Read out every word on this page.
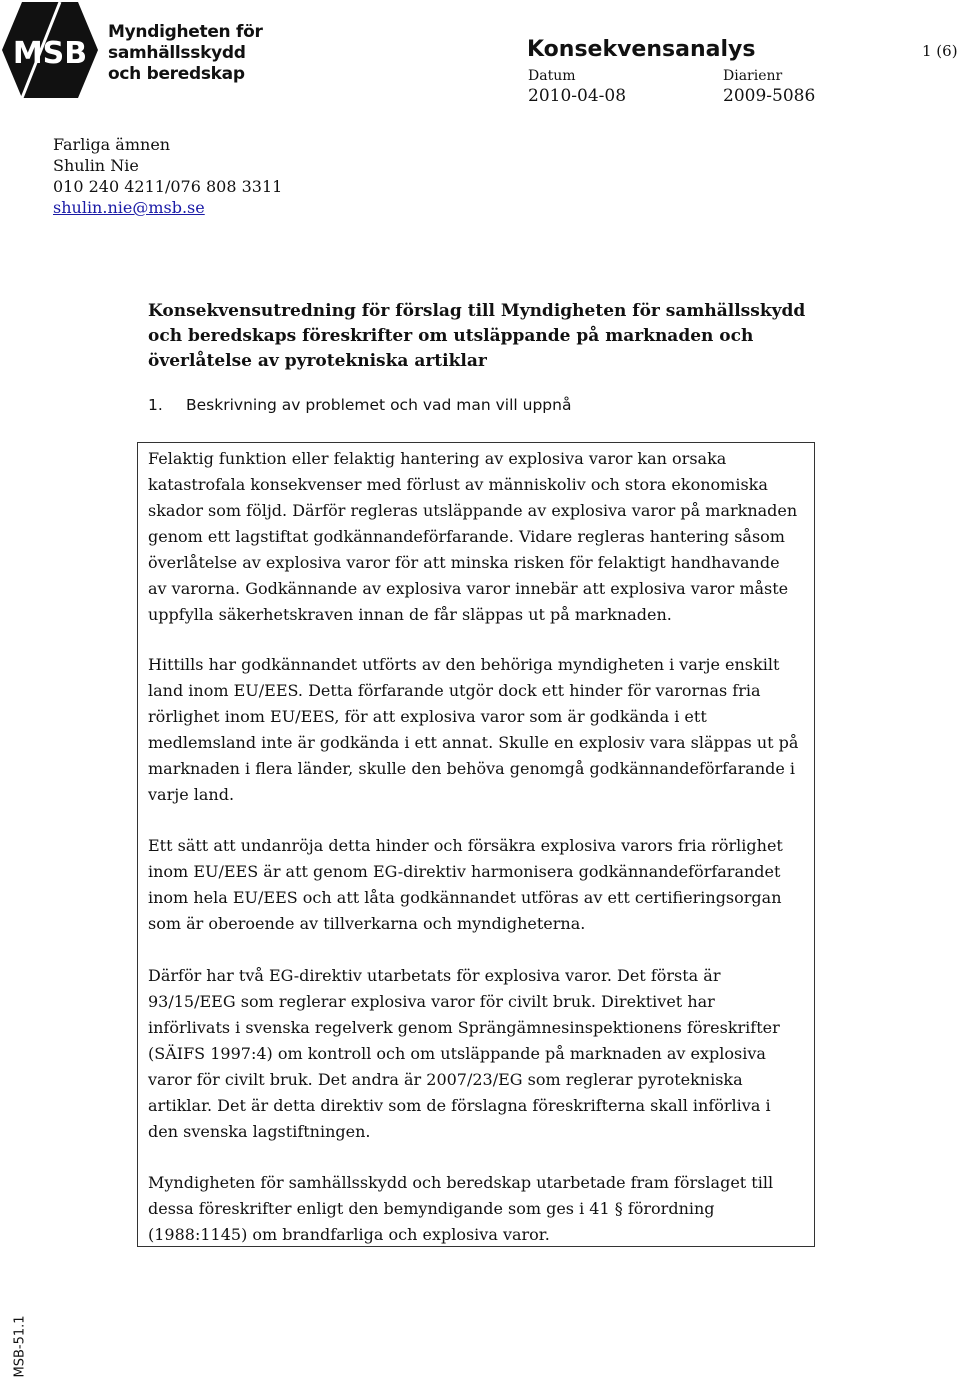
MSB
Myndigheten för
samhällsskydd
och beredskap
Konsekvensanalys	1 (6)
Datum
2010-04-08
Diarienr
2009-5086
Farliga ämnen
Shulin Nie
010 240 4211/076 808 3311
shulin.nie@msb.se
Konsekvensutredning för förslag till Myndigheten för samhällsskydd
och beredskaps föreskrifter om utsläppande på marknaden och
överlåtelse av pyrotekniska artiklar
1. Beskrivning av problemet och vad man vill uppnå
Felaktig funktion eller felaktig hantering av explosiva varor kan orsaka
katastrofala konsekvenser med förlust av människoliv och stora ekonomiska
skador som följd. Därför regleras utsläppande av explosiva varor på marknaden
genom ett lagstiftat godkännandeförfarande. Vidare regleras hantering såsom
överlåtelse av explosiva varor för att minska risken för felaktigt handhavande
av varorna. Godkännande av explosiva varor innebär att explosiva varor måste
uppfylla säkerhetskraven innan de får släppas ut på marknaden.
Hittills har godkännandet utförts av den behöriga myndigheten i varje enskilt
land inom EU/EES. Detta förfarande utgör dock ett hinder för varornas fria
rörlighet inom EU/EES, för att explosiva varor som är godkända i ett
medlemsland inte är godkända i ett annat. Skulle en explosiv vara släppas ut på
marknaden i flera länder, skulle den behöva genomgå godkännandeförfarande i
varje land.
Ett sätt att undanröja detta hinder och försäkra explosiva varors fria rörlighet
inom EU/EES är att genom EG-direktiv harmonisera godkännandeförfarandet
inom hela EU/EES och att låta godkännandet utföras av ett certifieringsorgan
som är oberoende av tillverkarna och myndigheterna.
Därför har två EG-direktiv utarbetats för explosiva varor. Det första är
93/15/EEG som reglerar explosiva varor för civilt bruk. Direktivet har
införlivats i svenska regelverk genom Sprängämnesinspektionens föreskrifter
(SÄIFS 1997:4) om kontroll och om utsläppande på marknaden av explosiva
varor för civilt bruk. Det andra är 2007/23/EG som reglerar pyrotekniska
artiklar. Det är detta direktiv som de förslagna föreskrifterna skall införliva i
den svenska lagstiftningen.
Myndigheten för samhällsskydd och beredskap utarbetade fram förslaget till
dessa föreskrifter enligt den bemyndigande som ges i 41 § förordning
(1988:1145) om brandfarliga och explosiva varor.
MSB-51.1
